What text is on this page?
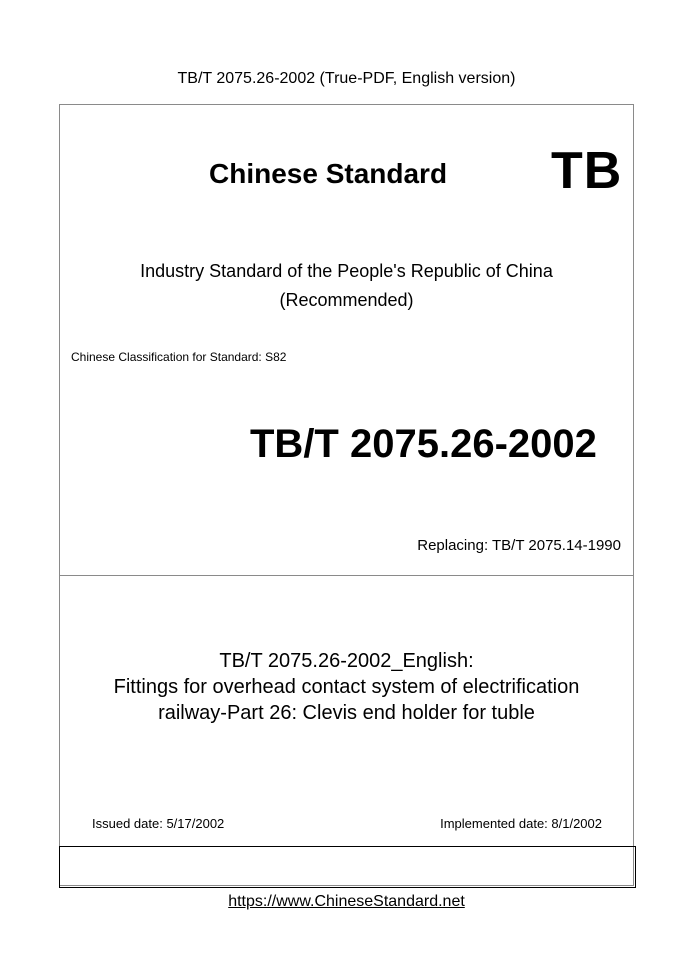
TB/T 2075.26-2002 (True-PDF, English version)
Chinese Standard TB
Industry Standard of the People's Republic of China
(Recommended)
Chinese Classification for Standard: S82
TB/T 2075.26-2002
Replacing: TB/T 2075.14-1990
TB/T 2075.26-2002_English:
Fittings for overhead contact system of electrification
railway-Part 26: Clevis end holder for tuble
Issued date: 5/17/2002	Implemented date: 8/1/2002
https://www.ChineseStandard.net
